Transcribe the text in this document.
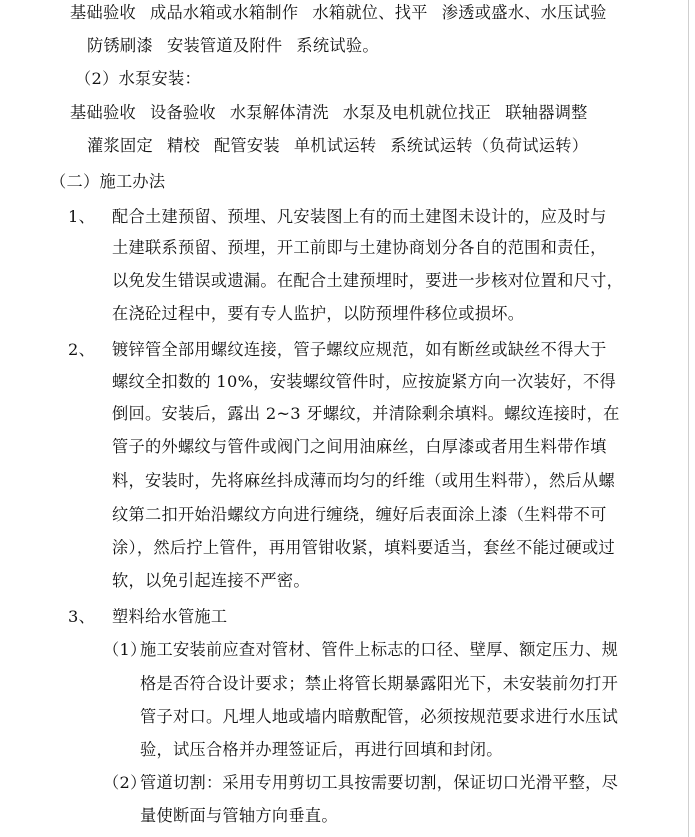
基础验收 成品水箱或水箱制作 水箱就位、找平 渗透或盛水、水压试验
防锈刷漆 安装管道及附件 系统试验。
（2）水泵安装：
基础验收 设备验收 水泵解体清洗 水泵及电机就位找正 联轴器调整
灌浆固定 精校 配管安装 单机试运转 系统试运转（负荷试运转）
（二）施工办法
1、 配合土建预留、预埋、凡安装图上有的而土建图未设计的，应及时与
土建联系预留、预埋，开工前即与土建协商划分各自的范围和责任，
以免发生错误或遗漏。在配合土建预埋时，要进一步核对位置和尺寸，
在浇砼过程中，要有专人监护，以防预埋件移位或损坏。
2、 镀锌管全部用螺纹连接，管子螺纹应规范，如有断丝或缺丝不得大于
螺纹全扣数的 10%，安装螺纹管件时，应按旋紧方向一次装好，不得
倒回。安装后，露出 2~3 牙螺纹，并清除剩余填料。螺纹连接时，在
管子的外螺纹与管件或阀门之间用油麻丝，白厚漆或者用生料带作填
料，安装时，先将麻丝抖成薄而均匀的纤维（或用生料带），然后从螺
纹第二扣开始沿螺纹方向进行缠绕，缠好后表面涂上漆（生料带不可
涂），然后拧上管件，再用管钳收紧，填料要适当，套丝不能过硬或过
软，以免引起连接不严密。
3、 塑料给水管施工
（1）
施工安装前应查对管材、管件上标志的口径、壁厚、额定压力、规
格是否符合设计要求；禁止将管长期暴露阳光下，未安装前勿打开
管子对口。凡埋人地或墙内暗敷配管，必须按规范要求进行水压试
验，试压合格并办理签证后，再进行回填和封闭。
（2）
管道切割：采用专用剪切工具按需要切割，保证切口光滑平整，尽
量使断面与管轴方向垂直。
